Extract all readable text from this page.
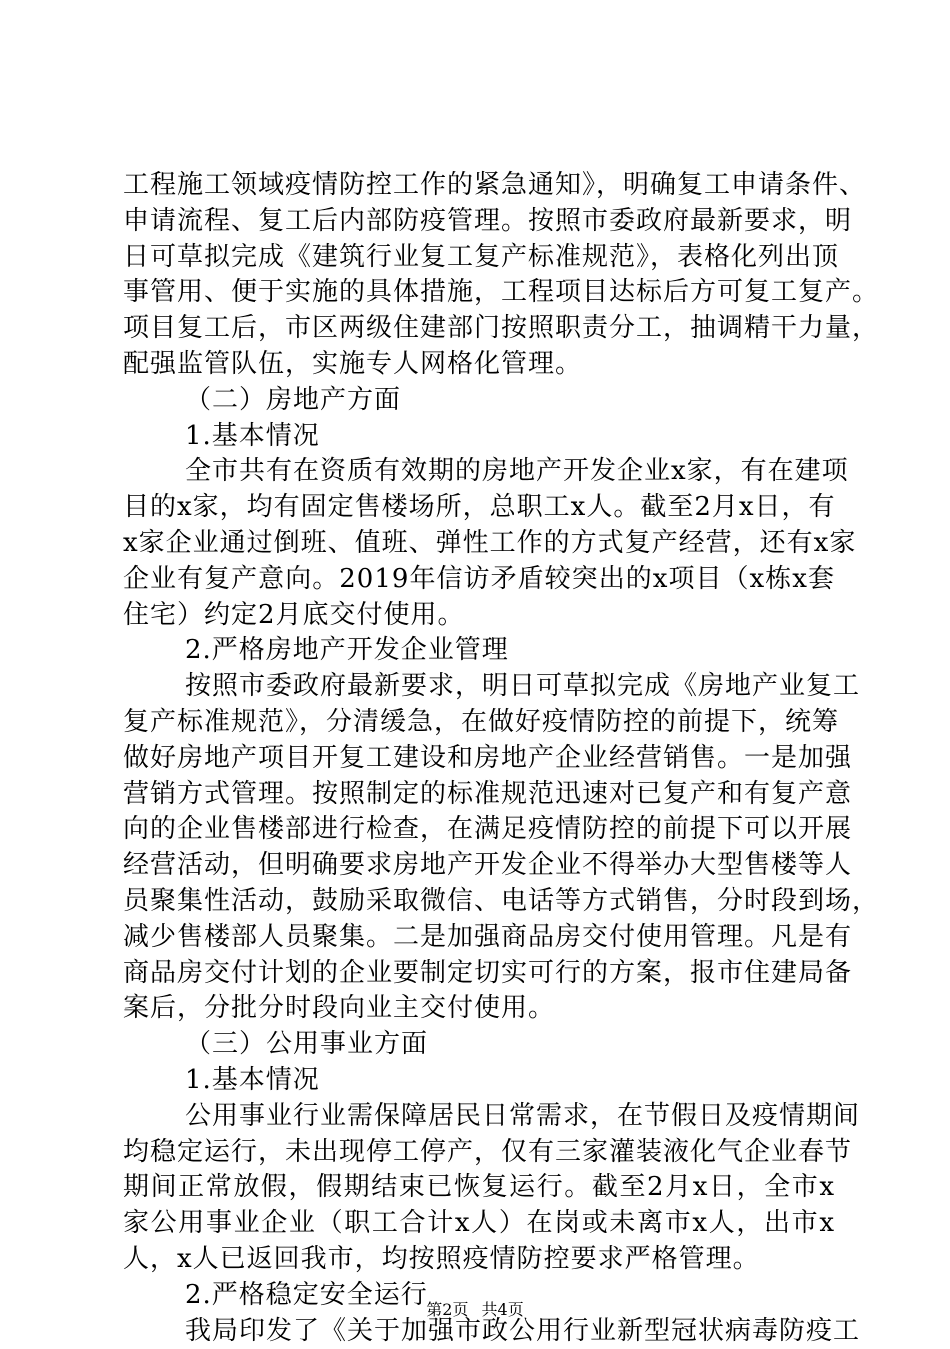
工程施工领域疫情防控工作的紧急通知》，明确复工申请条件、
申请流程、复工后内部防疫管理。按照市委政府最新要求，明
日可草拟完成《建筑行业复工复产标准规范》，表格化列出顶
事管用、便于实施的具体措施，工程项目达标后方可复工复产。
项目复工后，市区两级住建部门按照职责分工，抽调精干力量，
配强监管队伍，实施专人网格化管理。
（二）房地产方面
1.基本情况
全市共有在资质有效期的房地产开发企业x家，有在建项
目的x家，均有固定售楼场所，总职工x人。截至2月x日，有
x家企业通过倒班、值班、弹性工作的方式复产经营，还有x家
企业有复产意向。2019年信访矛盾较突出的x项目（x栋x套
住宅）约定2月底交付使用。
2.严格房地产开发企业管理
按照市委政府最新要求，明日可草拟完成《房地产业复工
复产标准规范》，分清缓急，在做好疫情防控的前提下，统筹
做好房地产项目开复工建设和房地产企业经营销售。一是加强
营销方式管理。按照制定的标准规范迅速对已复产和有复产意
向的企业售楼部进行检查，在满足疫情防控的前提下可以开展
经营活动，但明确要求房地产开发企业不得举办大型售楼等人
员聚集性活动，鼓励采取微信、电话等方式销售，分时段到场，
减少售楼部人员聚集。二是加强商品房交付使用管理。凡是有
商品房交付计划的企业要制定切实可行的方案，报市住建局备
案后，分批分时段向业主交付使用。
（三）公用事业方面
1.基本情况
公用事业行业需保障居民日常需求，在节假日及疫情期间
均稳定运行，未出现停工停产，仅有三家灌装液化气企业春节
期间正常放假，假期结束已恢复运行。截至2月x日，全市x
家公用事业企业（职工合计x人）在岗或未离市x人，出市x
人，x人已返回我市，均按照疫情防控要求严格管理。
2.严格稳定安全运行
我局印发了《关于加强市政公用行业新型冠状病毒防疫工
第2页 共4页
